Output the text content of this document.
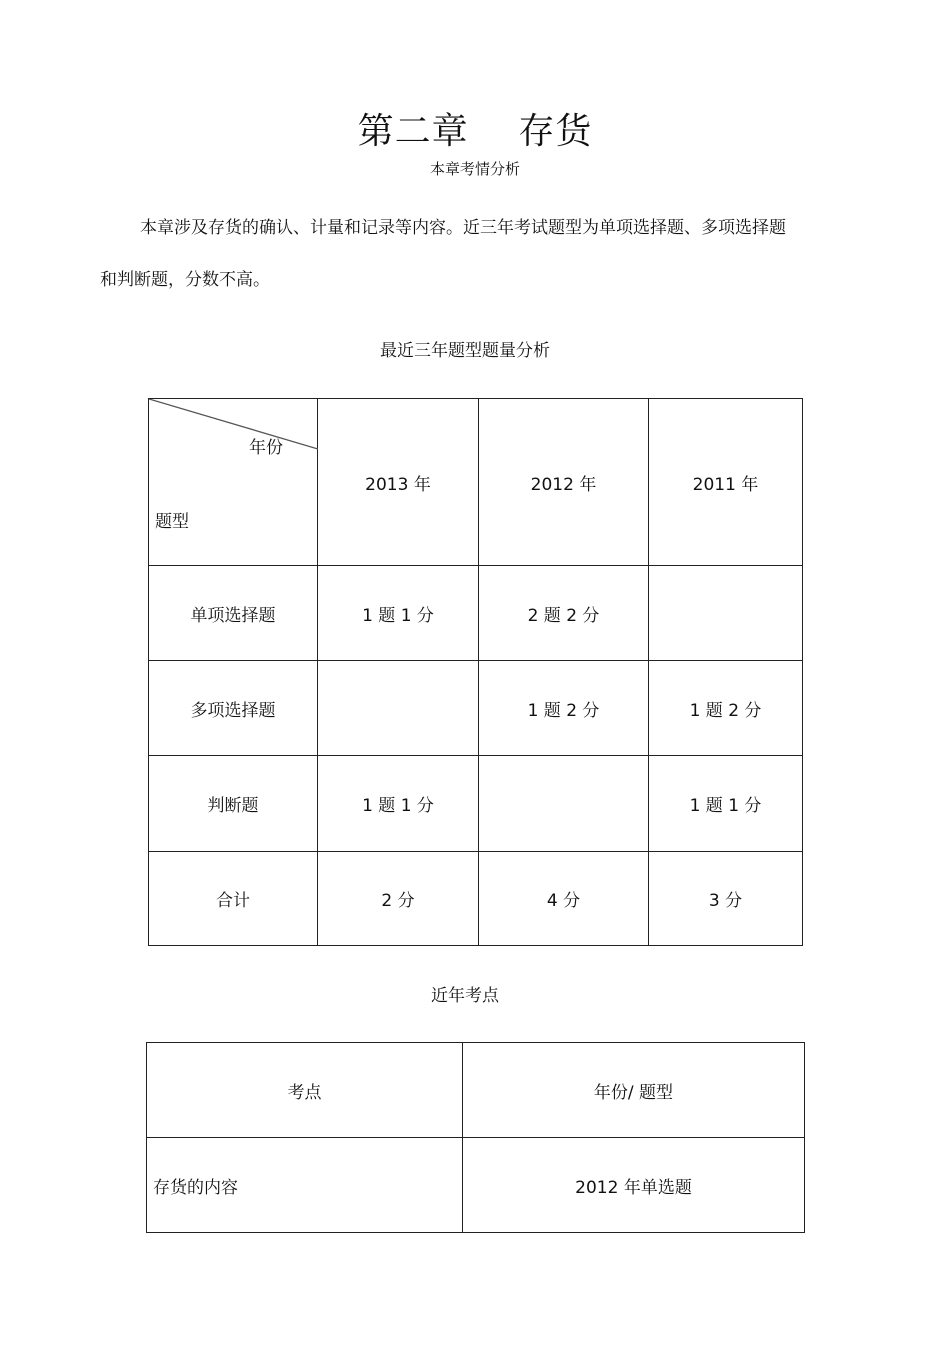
第二章    存货
本章考情分析
本章涉及存货的确认、计量和记录等内容。近三年考试题型为单项选择题、多项选择题和判断题，分数不高。
最近三年题型题量分析
年份
题型	2013 年	2012 年	2011 年
单项选择题	1 题 1 分	2 题 2 分	
多项选择题		1 题 2 分	1 题 2 分
判断题	1 题 1 分		1 题 1 分
合计	2 分	4 分	3 分
近年考点
考点	年份/ 题型
存货的内容	2012 年单选题
